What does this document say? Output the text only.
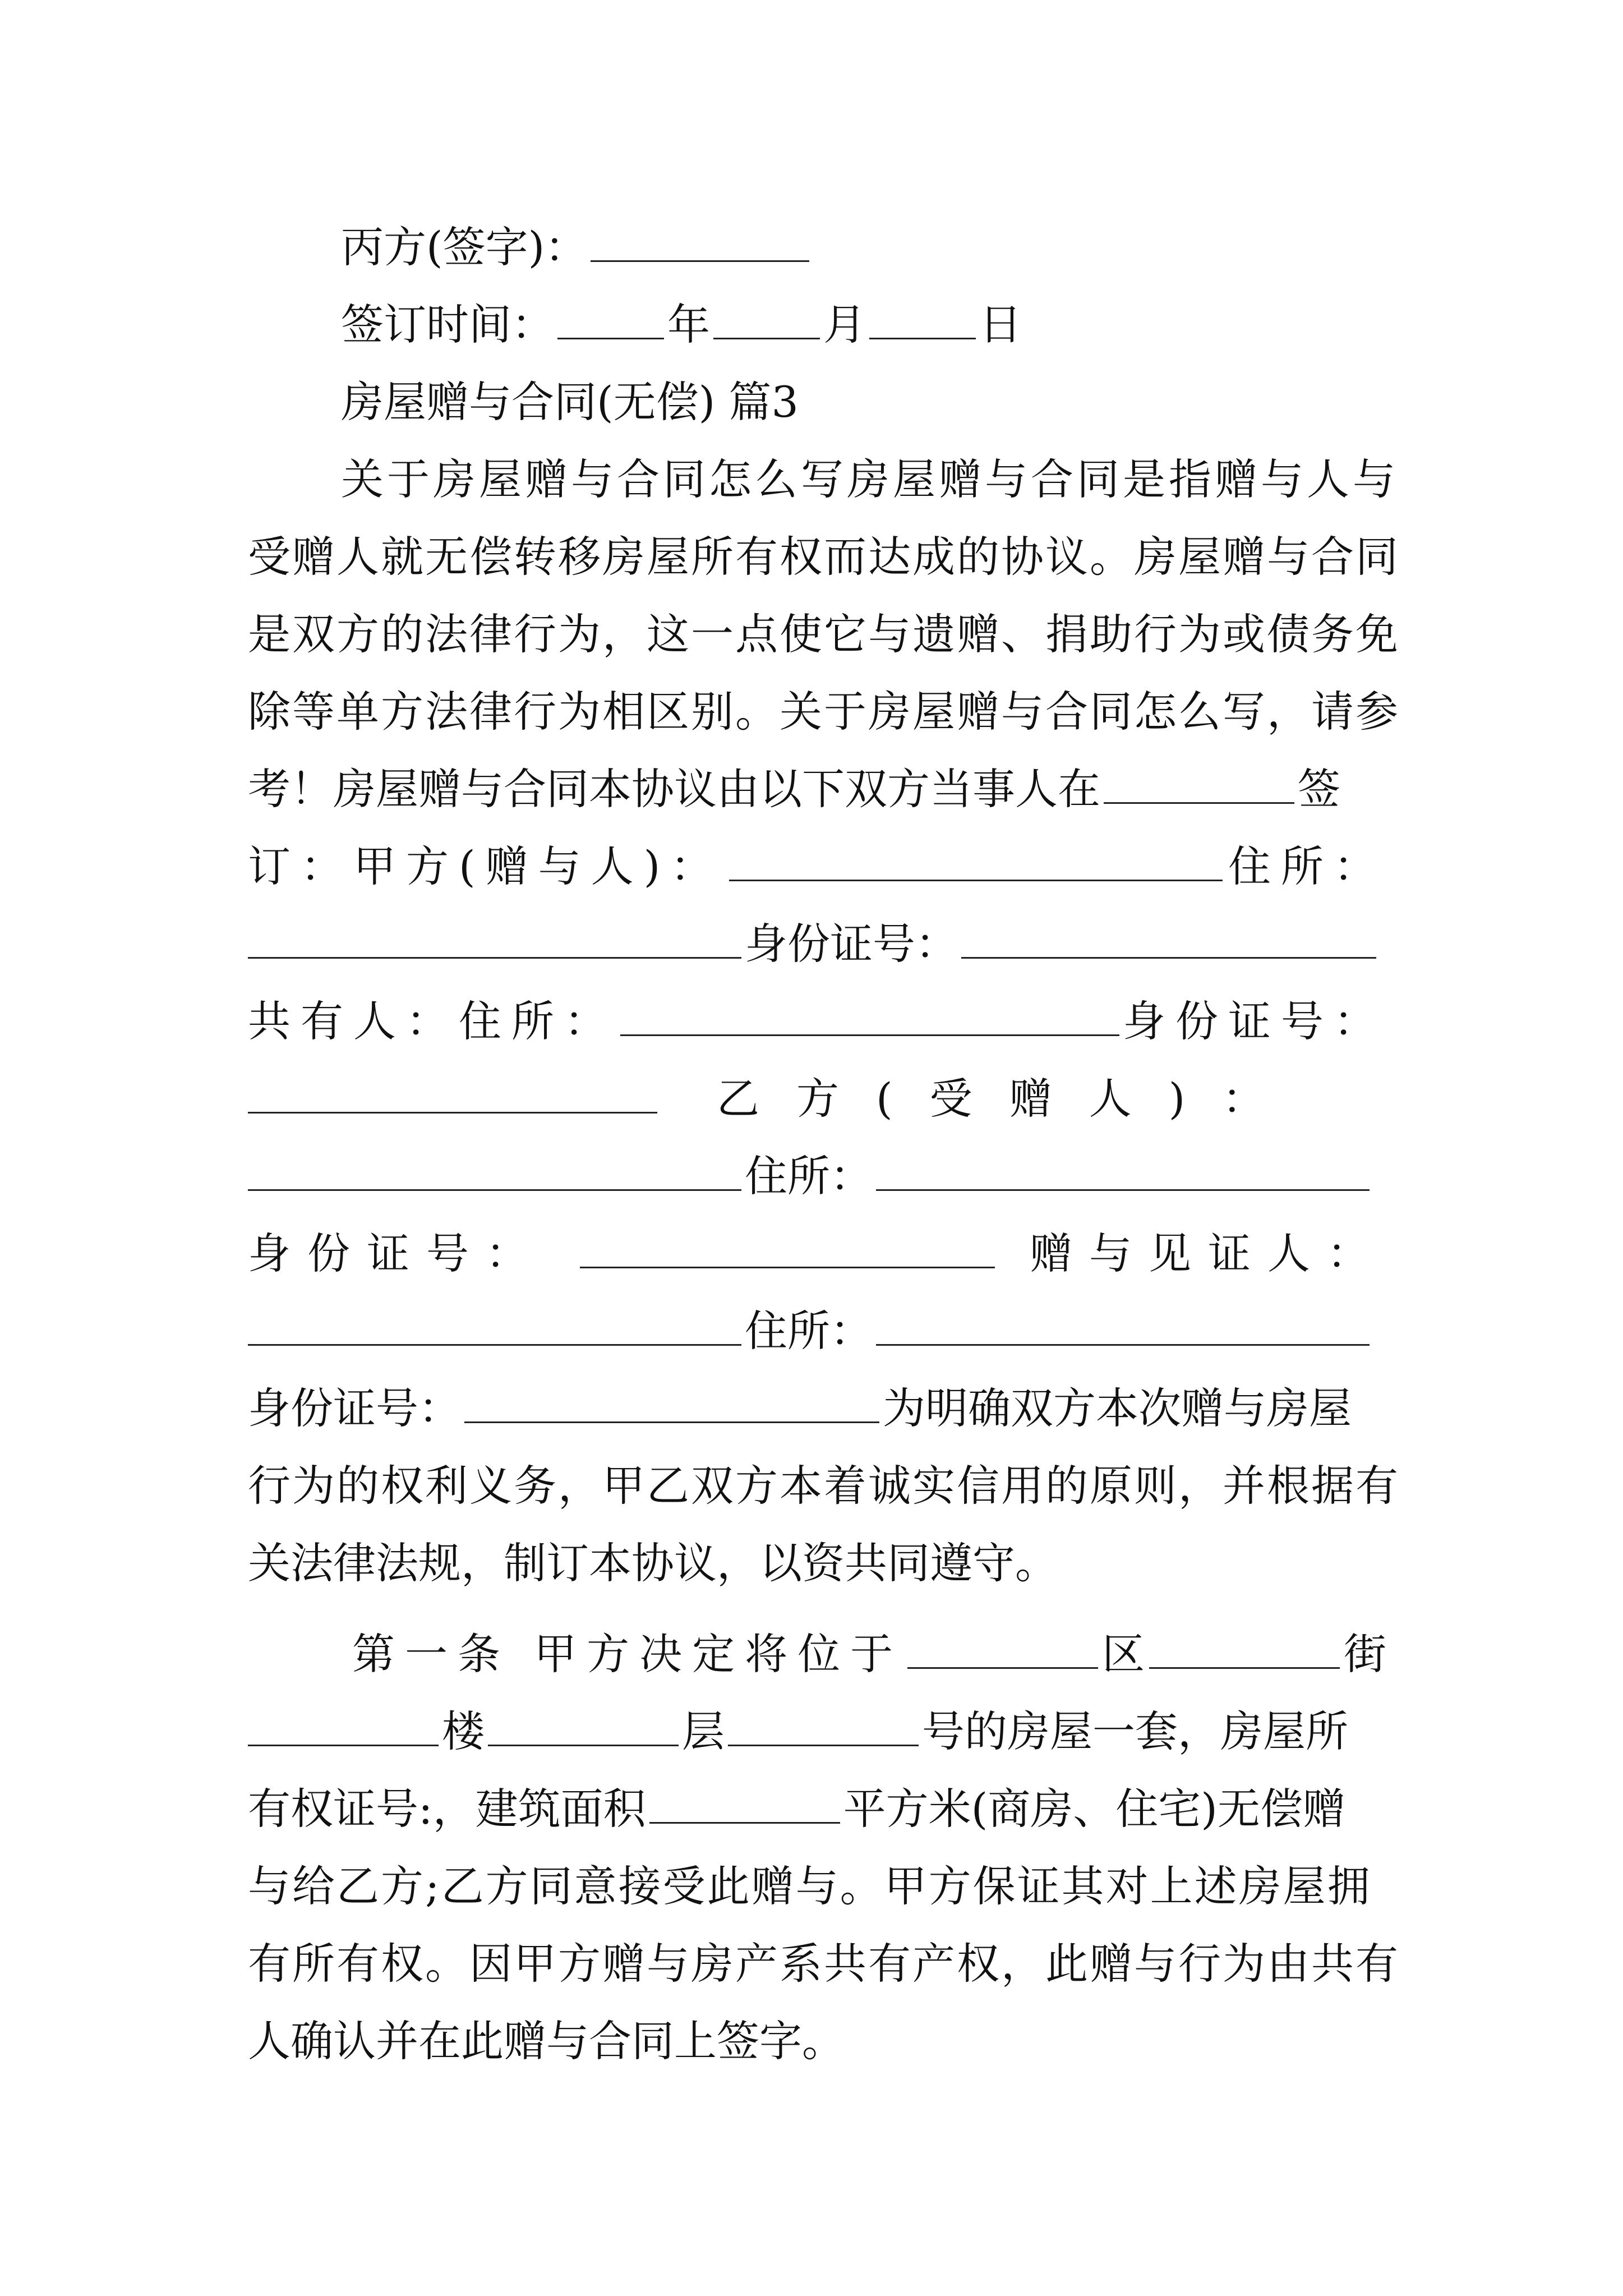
丙方(签字)：
签订时间：	年	月	日
房屋赠与合同(无偿) 篇3
关于房屋赠与合同怎么写房屋赠与合同是指赠与人与
受赠人就无偿转移房屋所有权而达成的协议。房屋赠与合同
是双方的法律行为，这一点使它与遗赠、捐助行为或债务免
除等单方法律行为相区别。关于房屋赠与合同怎么写，请参
考！房屋赠与合同本协议由以下双方当事人在	签
订：甲方(赠与人)：	住所：
身份证号：
共有人：住所：	身份证号：
乙方(受赠人)：
住所：
身份证号：	赠与见证人：
住所：
身份证号：	为明确双方本次赠与房屋
行为的权利义务，甲乙双方本着诚实信用的原则，并根据有
关法律法规，制订本协议，以资共同遵守。
第一条 甲方决定将位于	区	街
楼	层	号的房屋一套，房屋所
有权证号:，建筑面积	平方米(商房、住宅)无偿赠
与给乙方;乙方同意接受此赠与。甲方保证其对上述房屋拥
有所有权。因甲方赠与房产系共有产权，此赠与行为由共有
人确认并在此赠与合同上签字。
